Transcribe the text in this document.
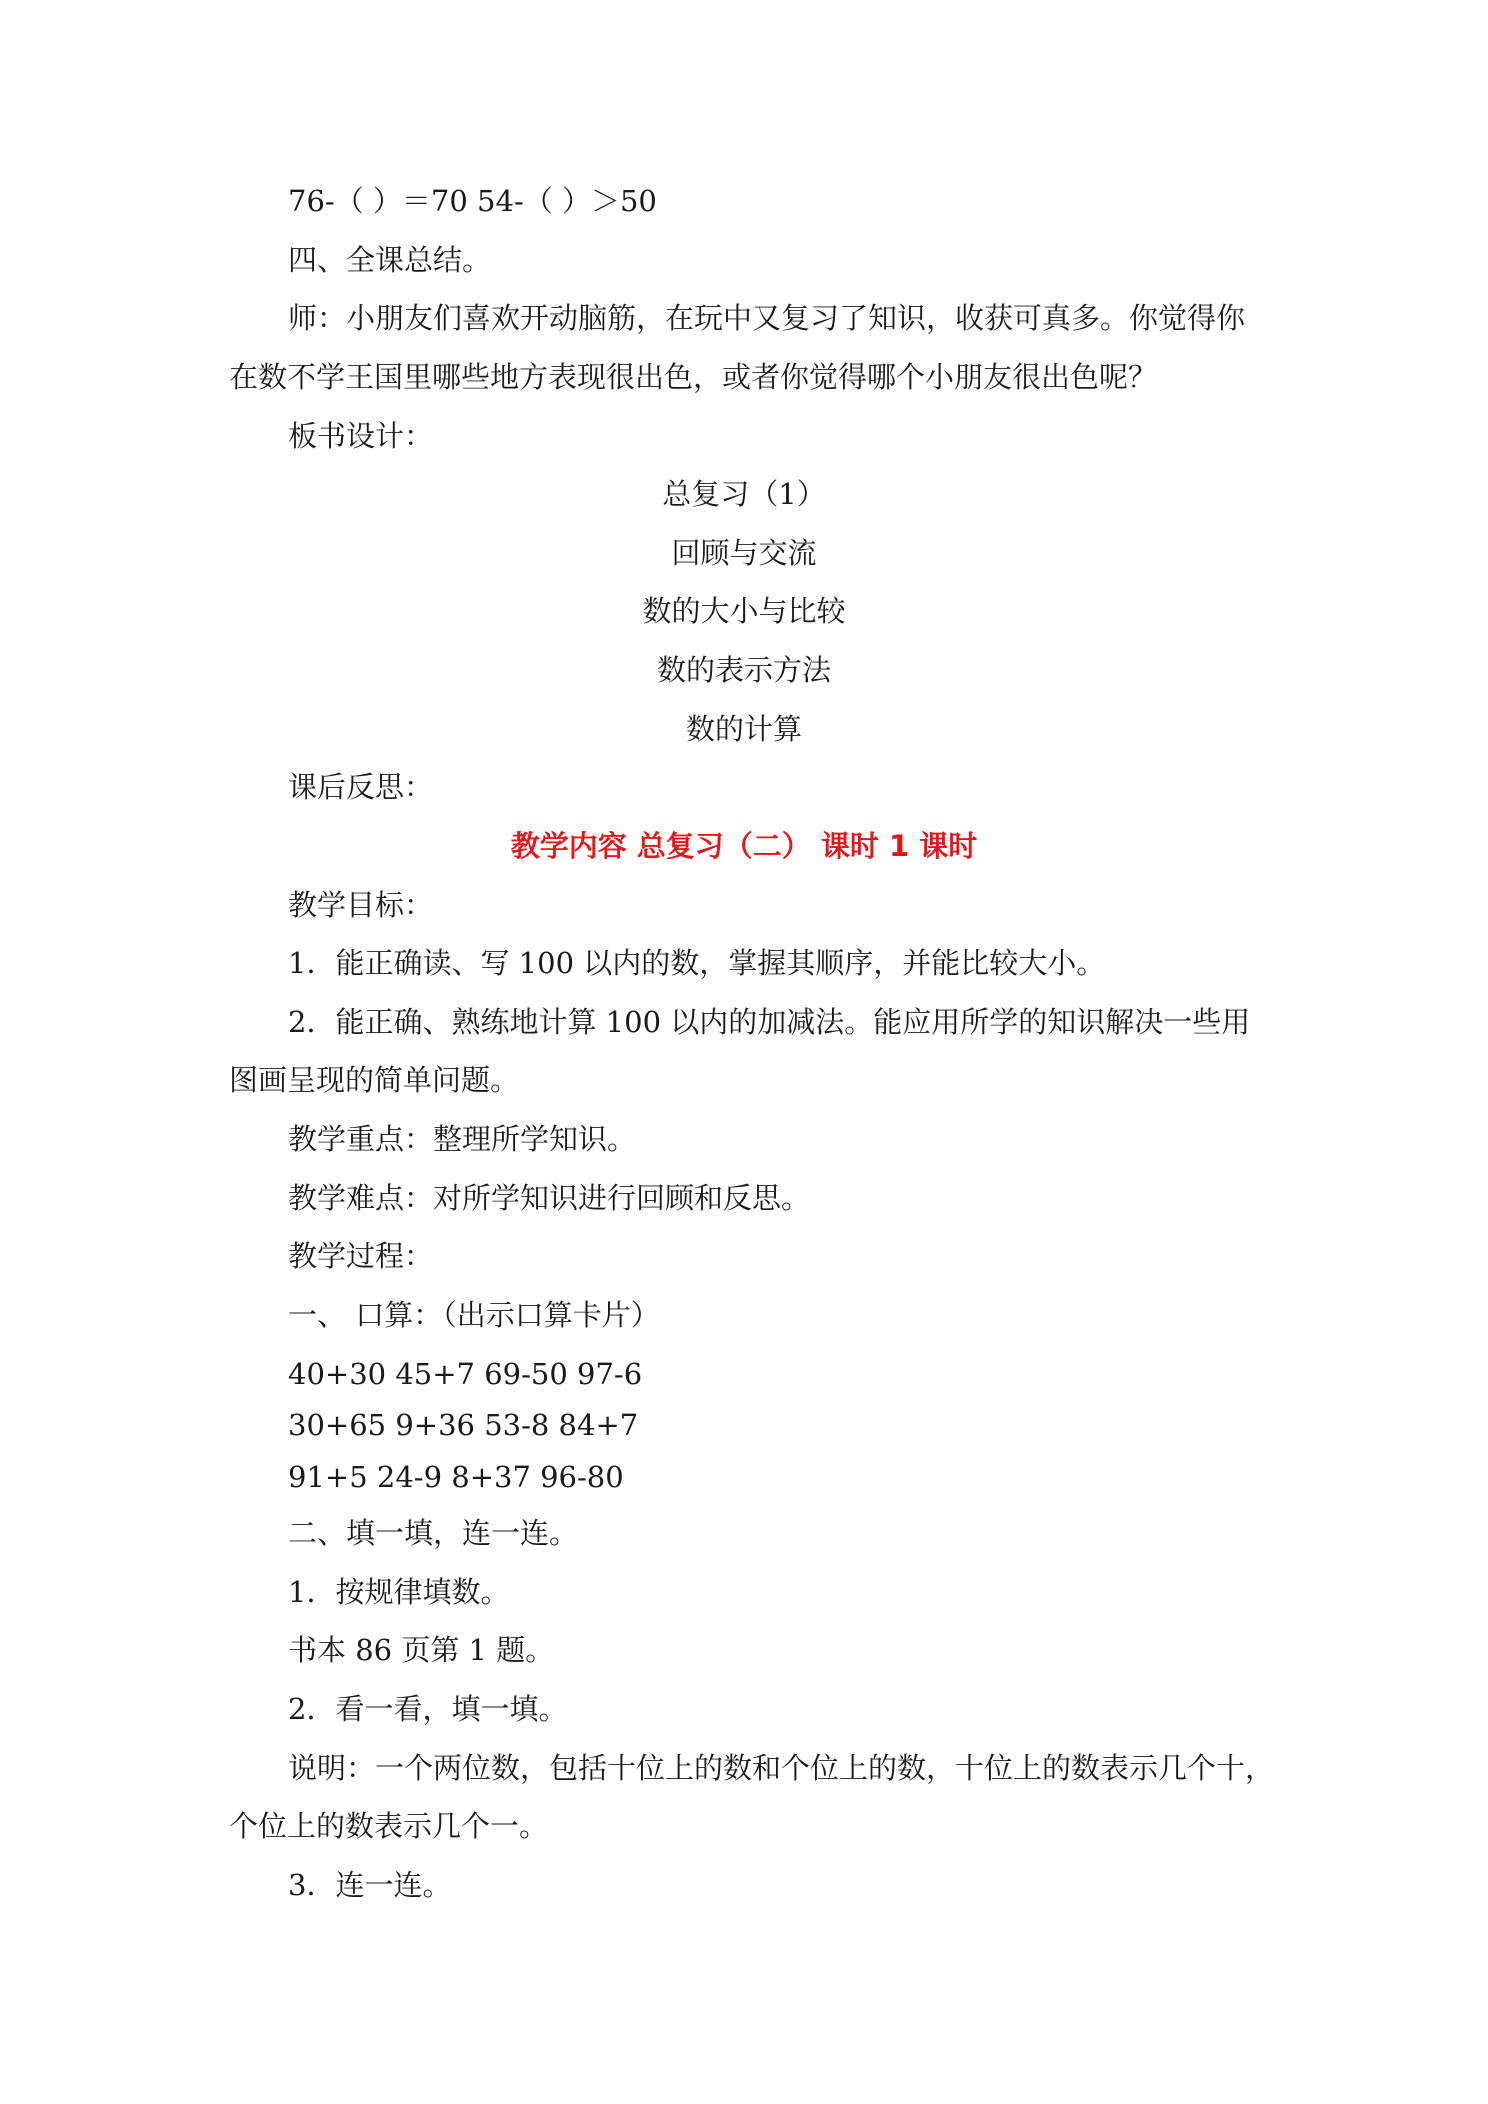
76-（ ）＝70 54-（ ）＞50
四、全课总结。
师：小朋友们喜欢开动脑筋，在玩中又复习了知识，收获可真多。你觉得你
在数不学王国里哪些地方表现很出色，或者你觉得哪个小朋友很出色呢？
板书设计：
总复习（1）
回顾与交流
数的大小与比较
数的表示方法
数的计算
课后反思：
教学内容 总复习（二） 课时 1 课时
教学目标：
1．能正确读、写 100 以内的数，掌握其顺序，并能比较大小。
2．能正确、熟练地计算 100 以内的加减法。能应用所学的知识解决一些用
图画呈现的简单问题。
教学重点：整理所学知识。
教学难点：对所学知识进行回顾和反思。
教学过程：
一、 口算：（出示口算卡片）
40+30 45+7 69-50 97-6
30+65 9+36 53-8 84+7
91+5 24-9 8+37 96-80
二、填一填，连一连。
1．按规律填数。
书本 86 页第 1 题。
2．看一看，填一填。
说明：一个两位数，包括十位上的数和个位上的数，十位上的数表示几个十，
个位上的数表示几个一。
3．连一连。
